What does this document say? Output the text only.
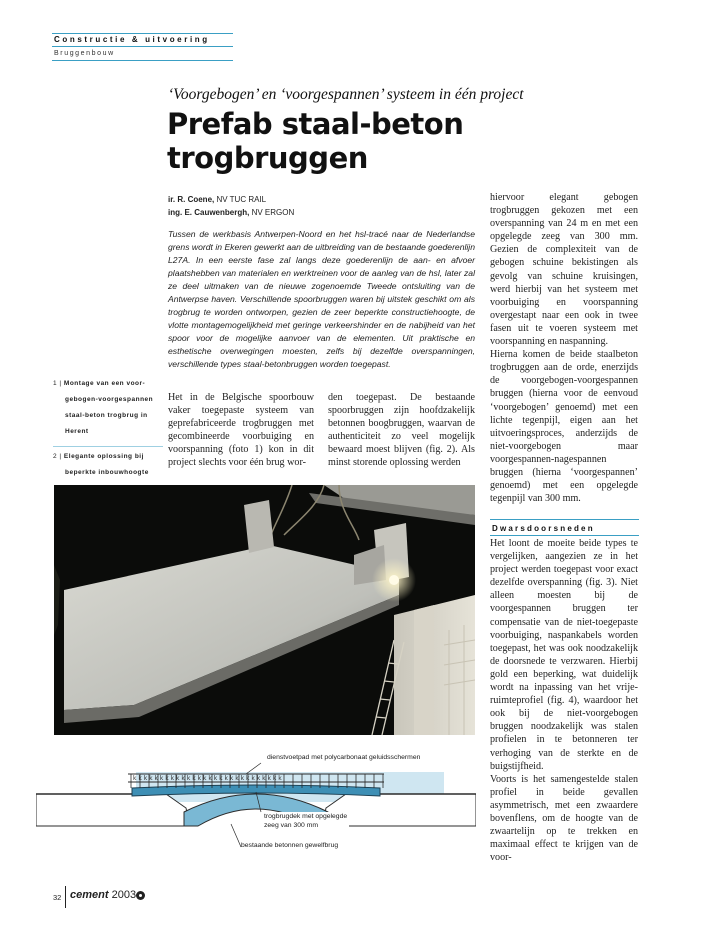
Constructie & uitvoering
Bruggenbouw
‘Voorgebogen’ en ‘voorgespannen’ systeem in één project
Prefab staal-beton
trogbruggen
ir. R. Coene, NV TUC RAIL
ing. E. Cauwenbergh, NV ERGON
Tussen de werkbasis Antwerpen-Noord en het hsl-tracé naar de Nederlandse grens wordt in Ekeren gewerkt aan de uitbreiding van de bestaande goederenlijn L27A. In een eerste fase zal langs deze goederenlijn de aan- en afvoer plaatshebben van materialen en werktreinen voor de aanleg van de hsl, later zal ze deel uitmaken van de nieuwe zogenoemde Tweede ontsluiting van de Antwerpse haven. Verschillende spoorbruggen waren bij uitstek geschikt om als trogbrug te worden ontworpen, gezien de zeer beperkte constructiehoogte, de vlotte montagemogelijkheid met geringe verkeershinder en de nabijheid van het spoor voor de mogelijke aanvoer van de elementen. Uit praktische en esthetische overwegingen moesten, zelfs bij dezelfde overspanningen, verschillende types staal-betonbruggen worden toegepast.
Het in de Belgische spoorbouw vaker toegepaste systeem van geprefabriceerde trogbruggen met gecombineerde voorbuiging en voorspanning (foto 1) kon in dit project slechts voor één brug wor-
den toegepast. De bestaande spoorbruggen zijn hoofdzakelijk betonnen boogbruggen, waarvan de authenticiteit zo veel mogelijk bewaard moest blijven (fig. 2). Als minst storende oplossing werden
hiervoor elegant gebogen trogbruggen gekozen met een overspanning van 24 m en met een opgelegde zeeg van 300 mm. Gezien de complexiteit van de gebogen schuine bekistingen als gevolg van schuine kruisingen, werd hierbij van het systeem met voorbuiging en voorspanning overgestapt naar een ook in twee fasen uit te voeren systeem met voorspanning en naspanning.
Hierna komen de beide staalbeton trogbruggen aan de orde, enerzijds de voorgebogen-voorgespannen bruggen (hierna voor de eenvoud ‘voorgebogen’ genoemd) met een lichte tegenpijl, eigen aan het uitvoeringsproces, anderzijds de niet-voorgebogen maar voorgespannen-nagespannen bruggen (hierna ‘voorgespannen’ genoemd) met een opgelegde tegenpijl van 300 mm.
Dwarsdoorsneden
Het loont de moeite beide types te vergelijken, aangezien ze in het project werden toegepast voor exact dezelfde overspanning (fig. 3). Niet alleen moesten bij de voorgespannen bruggen ter compensatie van de niet-toegepaste voorbuiging, naspankabels worden toegepast, het was ook noodzakelijk de doorsnede te verzwaren. Hierbij gold een beperking, wat duidelijk wordt na inpassing van het vrije-ruimteprofiel (fig. 4), waardoor het ook bij de niet-voorgebogen bruggen noodzakelijk was stalen profielen in te betonneren ter verhoging van de sterkte en de buigstijfheid.
Voorts is het samengestelde stalen profiel in beide gevallen asymmetrisch, met een zwaardere bovenflens, om de hoogte van de zwaartelijn op te trekken en maximaal effect te krijgen van de voor-
1 | Montage van een voor-
gebogen-voorgespannen
staal-beton trogbrug in
Herent
2 | Elegante oplossing bij
beperkte inbouwhoogte
k k k k k k k k k k k k k k k k k k k k k k k k k k k k
dienstvoetpad met polycarbonaat geluidsschermen
trogbrugdek met opgelegde
zeeg van 300 mm
bestaande betonnen gewelfbrug
32 cement 2003
